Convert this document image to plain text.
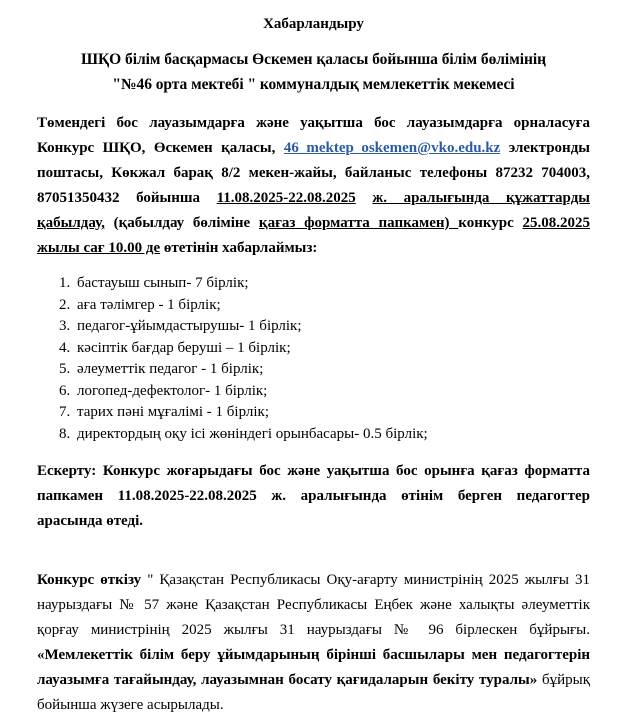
Хабарландыру
ШҚО білім басқармасы Өскемен қаласы бойынша білім бөлімінің
"№46 орта мектебі " коммуналдық мемлекеттік мекемесі

Төмендегі бос лауазымдарға және уақытша бос лауазымдарға орналасуға Конкурс ШҚО, Өскемен қаласы, 46_mektep_oskemen@vko.edu.kz электронды поштасы, Көкжал барақ 8/2 мекен-жайы, байланыс телефоны 87232 704003, 87051350432 бойынша 11.08.2025-22.08.2025 ж. аралығында құжаттарды қабылдау, (қабылдау бөліміне қағаз форматта папкамен) конкурс 25.08.2025 жылы сағ 10.00 де өтетінін хабарлаймыз:

1. бастауыш сынып- 7 бірлік;
2. аға тәлімгер - 1 бірлік;
3. педагог-ұйымдастырушы- 1 бірлік;
4. кәсіптік бағдар беруші – 1 бірлік;
5. әлеуметтік педагог - 1 бірлік;
6. логопед-дефектолог- 1 бірлік;
7. тарих пәні мұғалімі - 1 бірлік;
8. директордың оқу ісі жөніндегі орынбасары- 0.5 бірлік;

Ескерту: Конкурс жоғарыдағы бос және уақытша бос орынға қағаз форматта папкамен 11.08.2025-22.08.2025 ж. аралығында өтінім берген педагогтер арасында өтеді.

Конкурс өткізу " Қазақстан Республикасы Оқу-ағарту министрінің 2025 жылғы 31 наурыздағы № 57 және Қазақстан Республикасы Еңбек және халықты әлеуметтік қорғау министрінің 2025 жылғы 31 наурыздағы № 96 бірлескен бұйрығы. «Мемлекеттік білім беру ұйымдарының бірінші басшылары мен педагогтерін лауазымға тағайындау, лауазымнан босату қағидаларын бекіту туралы» бұйрық бойынша жүзеге асырылады.
